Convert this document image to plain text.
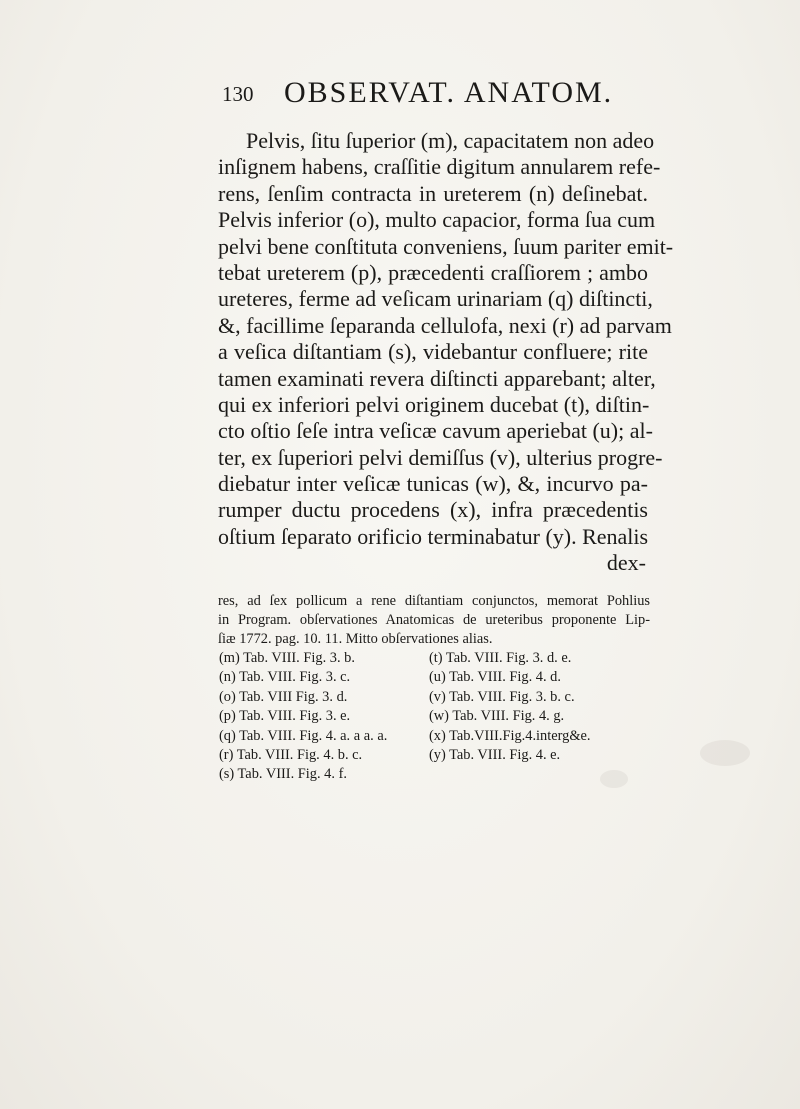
130 OBSERVAT. ANATOM.
Pelvis, ſitu ſuperior (m), capacitatem non adeo
inſignem habens, craſſitie digitum annularem refe-
rens, ſenſim contracta in ureterem (n) deſinebat.
Pelvis inferior (o), multo capacior, forma ſua cum
pelvi bene conſtituta conveniens, ſuum pariter emit-
tebat ureterem (p), præcedenti craſſiorem ; ambo
ureteres, ferme ad veſicam urinariam (q) diſtincti,
&, facillime ſeparanda cellulofa, nexi (r) ad parvam
a veſica diſtantiam (s), videbantur confluere; rite
tamen examinati revera diſtincti apparebant; alter,
qui ex inferiori pelvi originem ducebat (t), diſtin-
cto oſtio ſeſe intra veſicæ cavum aperiebat (u); al-
ter, ex ſuperiori pelvi demiſſus (v), ulterius progre-
diebatur inter veſicæ tunicas (w), &, incurvo pa-
rumper ductu procedens (x), infra præcedentis
oſtium ſeparato orificio terminabatur (y). Renalis
dex-
res, ad ſex pollicum a rene diſtantiam conjunctos, memorat Pohlius
in Program. obſervationes Anatomicas de ureteribus proponente Lip-
ſiæ 1772. pag. 10. 11. Mitto obſervationes alias.
(m) Tab. VIII. Fig. 3. b.
(n) Tab. VIII. Fig. 3. c.
(o) Tab. VIII Fig. 3. d.
(p) Tab. VIII. Fig. 3. e.
(q) Tab. VIII. Fig. 4. a. a a. a.
(r) Tab. VIII. Fig. 4. b. c.
(s) Tab. VIII. Fig. 4. f.
(t) Tab. VIII. Fig. 3. d. e.
(u) Tab. VIII. Fig. 4. d.
(v) Tab. VIII. Fig. 3. b. c.
(w) Tab. VIII. Fig. 4. g.
(x) Tab.VIII.Fig.4.interg&e.
(y) Tab. VIII. Fig. 4. e.
